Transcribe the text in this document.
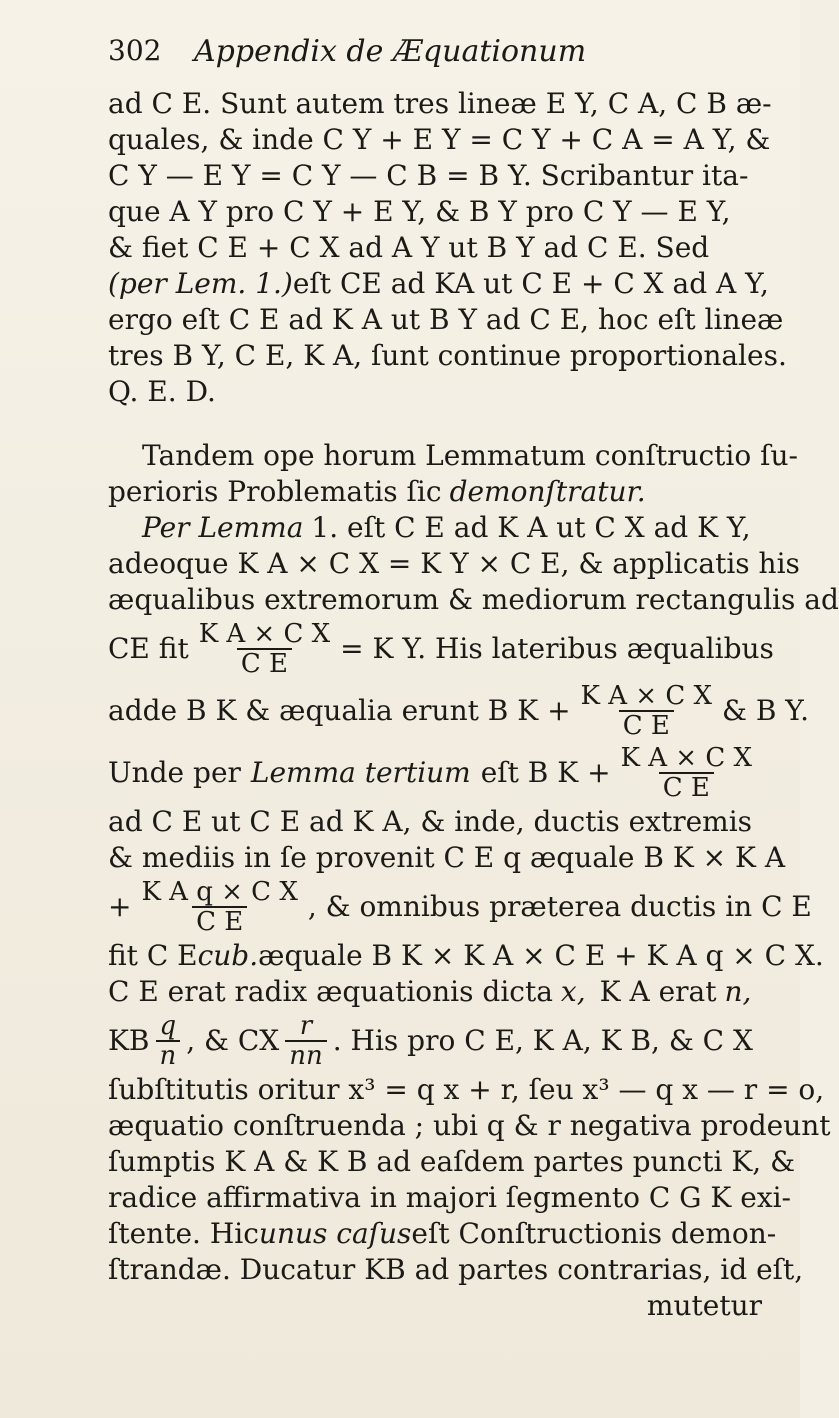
302 Appendix de Æquationum
ad C E. Sunt autem tres lineæ E Y, C A, C B æ-
quales, & inde C Y + E Y = C Y + C A = A Y, &
C Y — E Y = C Y — C B = B Y. Scribantur ita-
que A Y pro C Y + E Y, & B Y pro C Y — E Y,
& fiet C E + C X ad A Y ut B Y ad C E. Sed
(per Lem. 1.) eſt CE ad KA ut C E + C X ad A Y,
ergo eſt C E ad K A ut B Y ad C E, hoc eſt lineæ
tres B Y, C E, K A, ſunt continue proportionales.
Q. E. D.
Tandem ope horum Lemmatum conſtructio ſu-
perioris Problematis ſic demonſtratur.
Per Lemma 1. eſt C E ad K A ut C X ad K Y,
adeoque K A × C X = K Y × C E, & applicatis his
æqualibus extremorum & mediorum rectangulis ad
CE fit $\frac{\text{K A × C X}}{\text{C E}} = K$ Y. His lateribus æqualibus
adde B K & æqualia erunt B $K + \frac{\text{K A × C X}}{\text{C E}}$ & B Y.
Unde per Lemma tertium eſt B $K + \frac{\text{K A × C X}}{\text{C E}}$
ad C E ut C E ad K A, & inde, ductis extremis
& mediis in ſe provenit C E q æquale B K × K A
+ $\frac{\text{K A q × C X}}{\text{C E}}$ , & omnibus præterea ductis in C E
fit C E cub. æquale B K × K A × C E + K A q × C X.
C E erat radix æquationis dicta x, K A erat n,
KB $\frac{q}{n}$ , & CX $\frac{r}{nn}$ . His pro C E, K A, K B, & C X
ſubſtitutis oritur x³ = q x + r, ſeu x³ — q x — r = o,
æquatio conſtruenda ; ubi q & r negativa prodeunt
ſumptis K A & K B ad eaſdem partes puncti K, &
radice affirmativa in majori ſegmento C G K exi-
ſtente. Hic unus caſus eſt Conſtructionis demon-
ſtrandæ. Ducatur KB ad partes contrarias, id eſt,
mutetur
